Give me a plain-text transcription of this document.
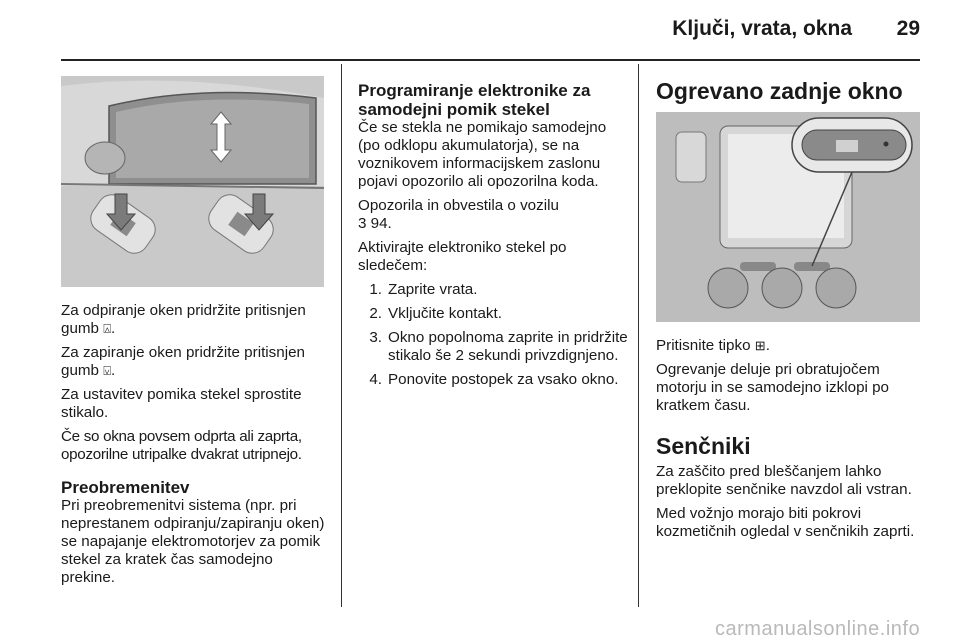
Ključi, vrata, okna	29

Za odpiranje oken pridržite pritisnjen gumb ⍓.

Za zapiranje oken pridržite pritisnjen gumb ⍌.

Za ustavitev pomika stekel sprostite stikalo.

Če so okna povsem odprta ali zaprta, opozorilne utripalke dvakrat utripnejo.

Preobremenitev

Pri preobremenitvi sistema (npr. pri neprestanem odpiranju/zapiranju oken) se napajanje elektromotorjev za pomik stekel za kratek čas samodejno prekine.

Programiranje elektronike za samodejni pomik stekel

Če se stekla ne pomikajo samodejno (po odklopu akumulatorja), se na voznikovem informacijskem zaslonu pojavi opozorilo ali opozorilna koda.

Opozorila in obvestila o vozilu
3 94.

Aktivirajte elektroniko stekel po sledečem:

1. Zaprite vrata.
2. Vključite kontakt.
3. Okno popolnoma zaprite in pridržite stikalo še 2 sekundi privzdignjeno.
4. Ponovite postopek za vsako okno.
Ogrevano zadnje okno

Pritisnite tipko ⊞.

Ogrevanje deluje pri obratujočem motorju in se samodejno izklopi po kratkem času.

Senčniki

Za zaščito pred bleščanjem lahko preklopite senčnike navzdol ali vstran.

Med vožnjo morajo biti pokrovi kozmetičnih ogledal v senčnikih zaprti.

carmanualsonline.info
